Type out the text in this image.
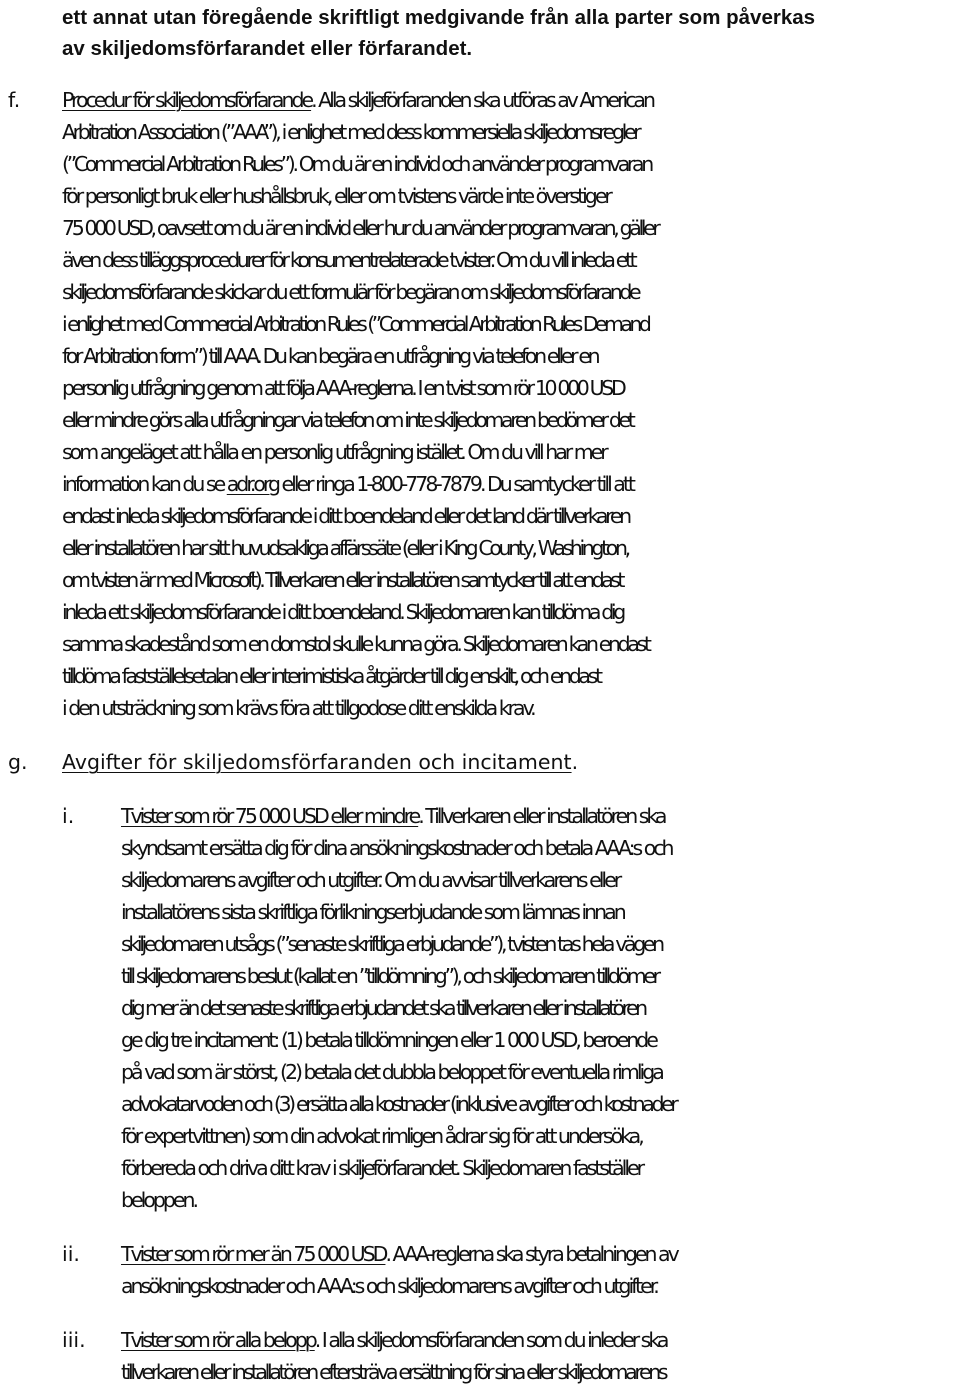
ett annat utan föregående skriftligt medgivande från alla parter som påverkas
av skiljedomsförfarandet eller förfarandet.
f. Procedur för skiljedomsförfarande. Alla skiljeförfaranden ska utföras av American
Arbitration Association (”AAA”), i enlighet med dess kommersiella skiljedomsregler
(”Commercial Arbitration Rules”). Om du är en individ och använder programvaran
för personligt bruk eller hushållsbruk, eller om tvistens värde inte överstiger
75 000 USD, oavsett om du är en individ eller hur du använder programvaran, gäller
även dess tilläggsprocedurer för konsumentrelaterade tvister. Om du vill inleda ett
skiljedomsförfarande skickar du ett formulär för begäran om skiljedomsförfarande
i enlighet med Commercial Arbitration Rules (”Commercial Arbitration Rules Demand
for Arbitration form”) till AAA. Du kan begära en utfrågning via telefon eller en
personlig utfrågning genom att följa AAA-reglerna. I en tvist som rör 10 000 USD
eller mindre görs alla utfrågningar via telefon om inte skiljedomaren bedömer det
som angeläget att hålla en personlig utfrågning istället. Om du vill har mer
information kan du se adr.org eller ringa 1-800-778-7879. Du samtycker till att
endast inleda skiljedomsförfarande i ditt boendeland eller det land där tillverkaren
eller installatören har sitt huvudsakliga affärssäte (eller i King County, Washington,
om tvisten är med Microsoft). Tillverkaren eller installatören samtycker till att endast
inleda ett skiljedomsförfarande i ditt boendeland. Skiljedomaren kan tilldöma dig
samma skadestånd som en domstol skulle kunna göra. Skiljedomaren kan endast
tilldöma fastställelsetalan eller interimistiska åtgärder till dig enskilt, och endast
i den utsträckning som krävs föra att tillgodose ditt enskilda krav.
g. Avgifter för skiljedomsförfaranden och incitament.
i. Tvister som rör 75 000 USD eller mindre. Tillverkaren eller installatören ska
skyndsamt ersätta dig för dina ansökningskostnader och betala AAA:s och
skiljedomarens avgifter och utgifter. Om du avvisar tillverkarens eller
installatörens sista skriftliga förlikningserbjudande som lämnas innan
skiljedomaren utsågs (”senaste skriftliga erbjudande”), tvisten tas hela vägen
till skiljedomarens beslut (kallat en ”tilldömning”), och skiljedomaren tilldömer
dig mer än det senaste skriftliga erbjudandet ska tillverkaren eller installatören
ge dig tre incitament: (1) betala tilldömningen eller 1 000 USD, beroende
på vad som är störst, (2) betala det dubbla beloppet för eventuella rimliga
advokatarvoden och (3) ersätta alla kostnader (inklusive avgifter och kostnader
för expertvittnen) som din advokat rimligen ådrar sig för att undersöka,
förbereda och driva ditt krav i skiljeförfarandet. Skiljedomaren fastställer
beloppen.
ii. Tvister som rör mer än 75 000 USD. AAA-reglerna ska styra betalningen av
ansökningskostnader och AAA:s och skiljedomarens avgifter och utgifter.
iii. Tvister som rör alla belopp. I alla skiljedomsförfaranden som du inleder ska
tillverkaren eller installatören eftersträva ersättning för sina eller skiljedomarens
